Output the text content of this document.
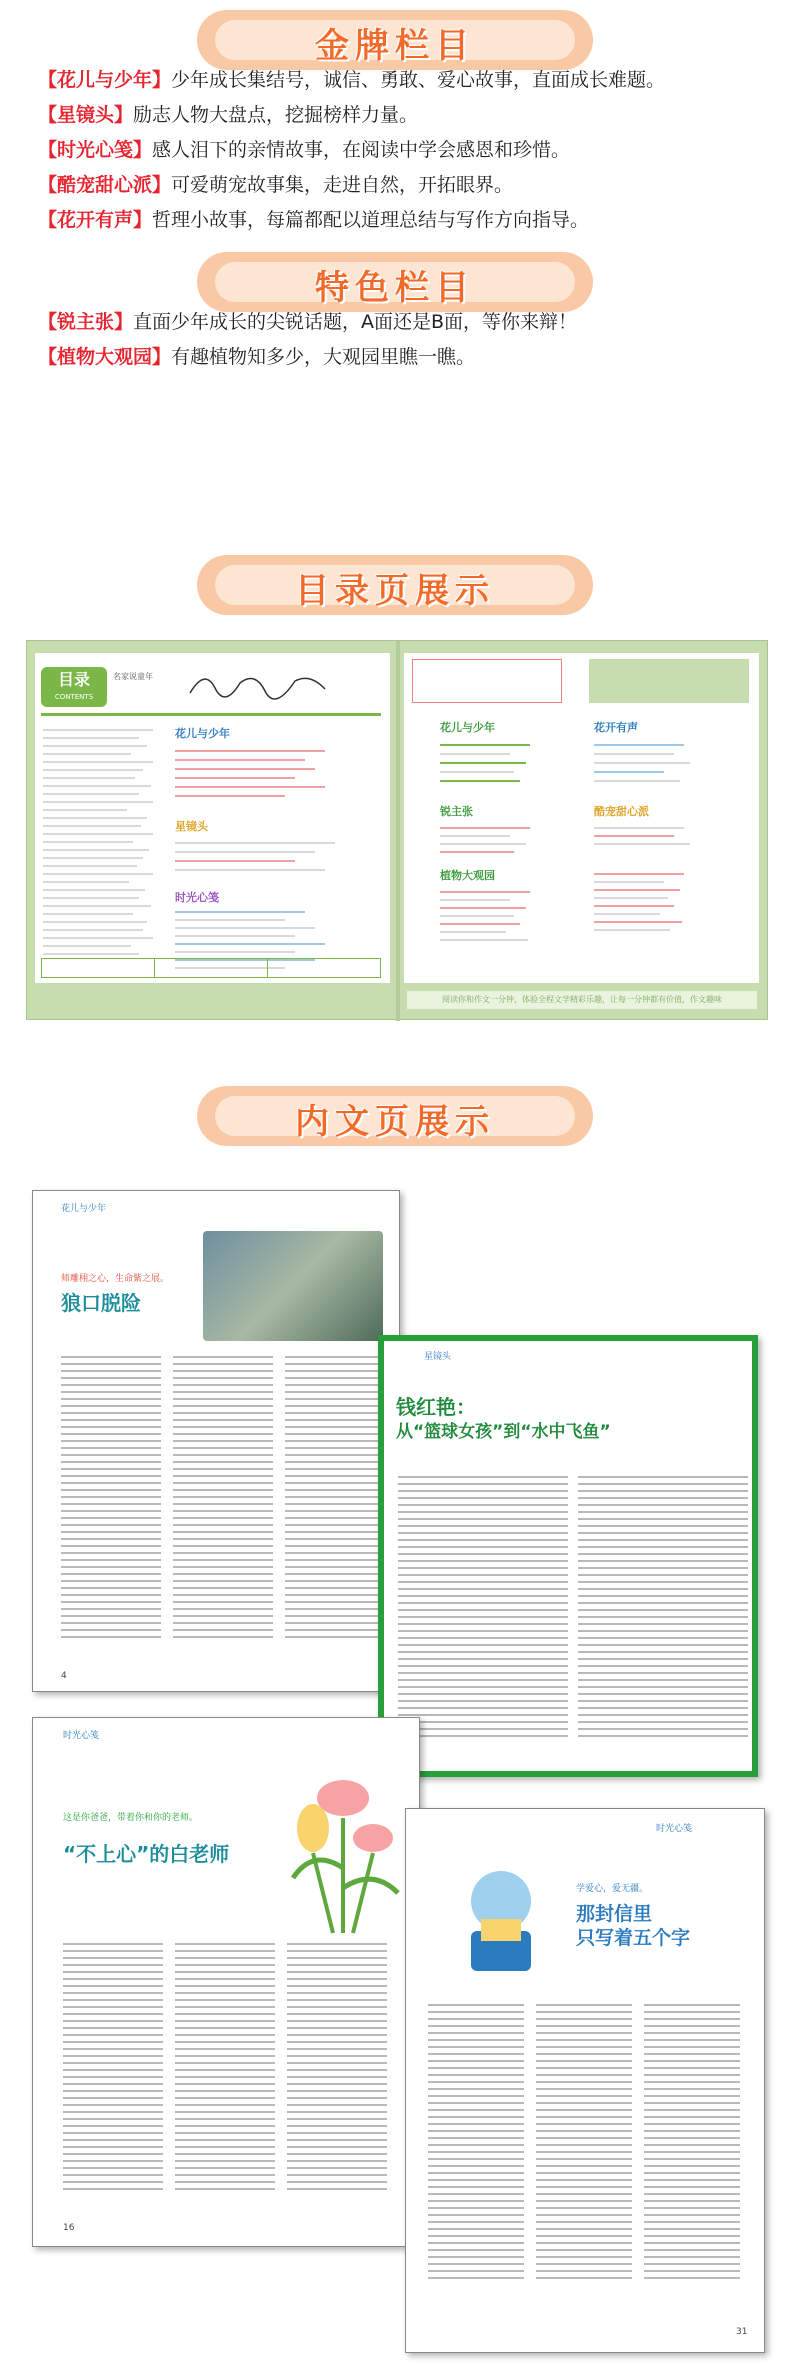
金牌栏目
【花儿与少年】少年成长集结号，诚信、勇敢、爱心故事，直面成长难题。
【星镜头】励志人物大盘点，挖掘榜样力量。
【时光心笺】感人泪下的亲情故事，在阅读中学会感恩和珍惜。
【酷宠甜心派】可爱萌宠故事集，走进自然，开拓眼界。
【花开有声】哲理小故事，每篇都配以道理总结与写作方向指导。
特色栏目
【锐主张】直面少年成长的尖锐话题，A面还是B面，等你来辩！
【植物大观园】有趣植物知多少，大观园里瞧一瞧。
目录页展示
目录
CONTENTS
名家说童年
花儿与少年
星镜头
时光心笺
花儿与少年	花开有声
锐主张	酷宠甜心派
植物大观园
阅读你和作文一分钟，体验全程文学精彩乐趣，让每一分钟都有价值，作文趣味
内文页展示
花儿与少年
师雕栩之心，生命紫之展。
狼口脱险
4
星镜头
钱红艳：
从“篮球女孩”到“水中飞鱼”
时光心笺
这是你爸爸，带着你和你的老师。
“不上心”的白老师
16
时光心笺
学爱心，爱无疆。
那封信里
只写着五个字
31
